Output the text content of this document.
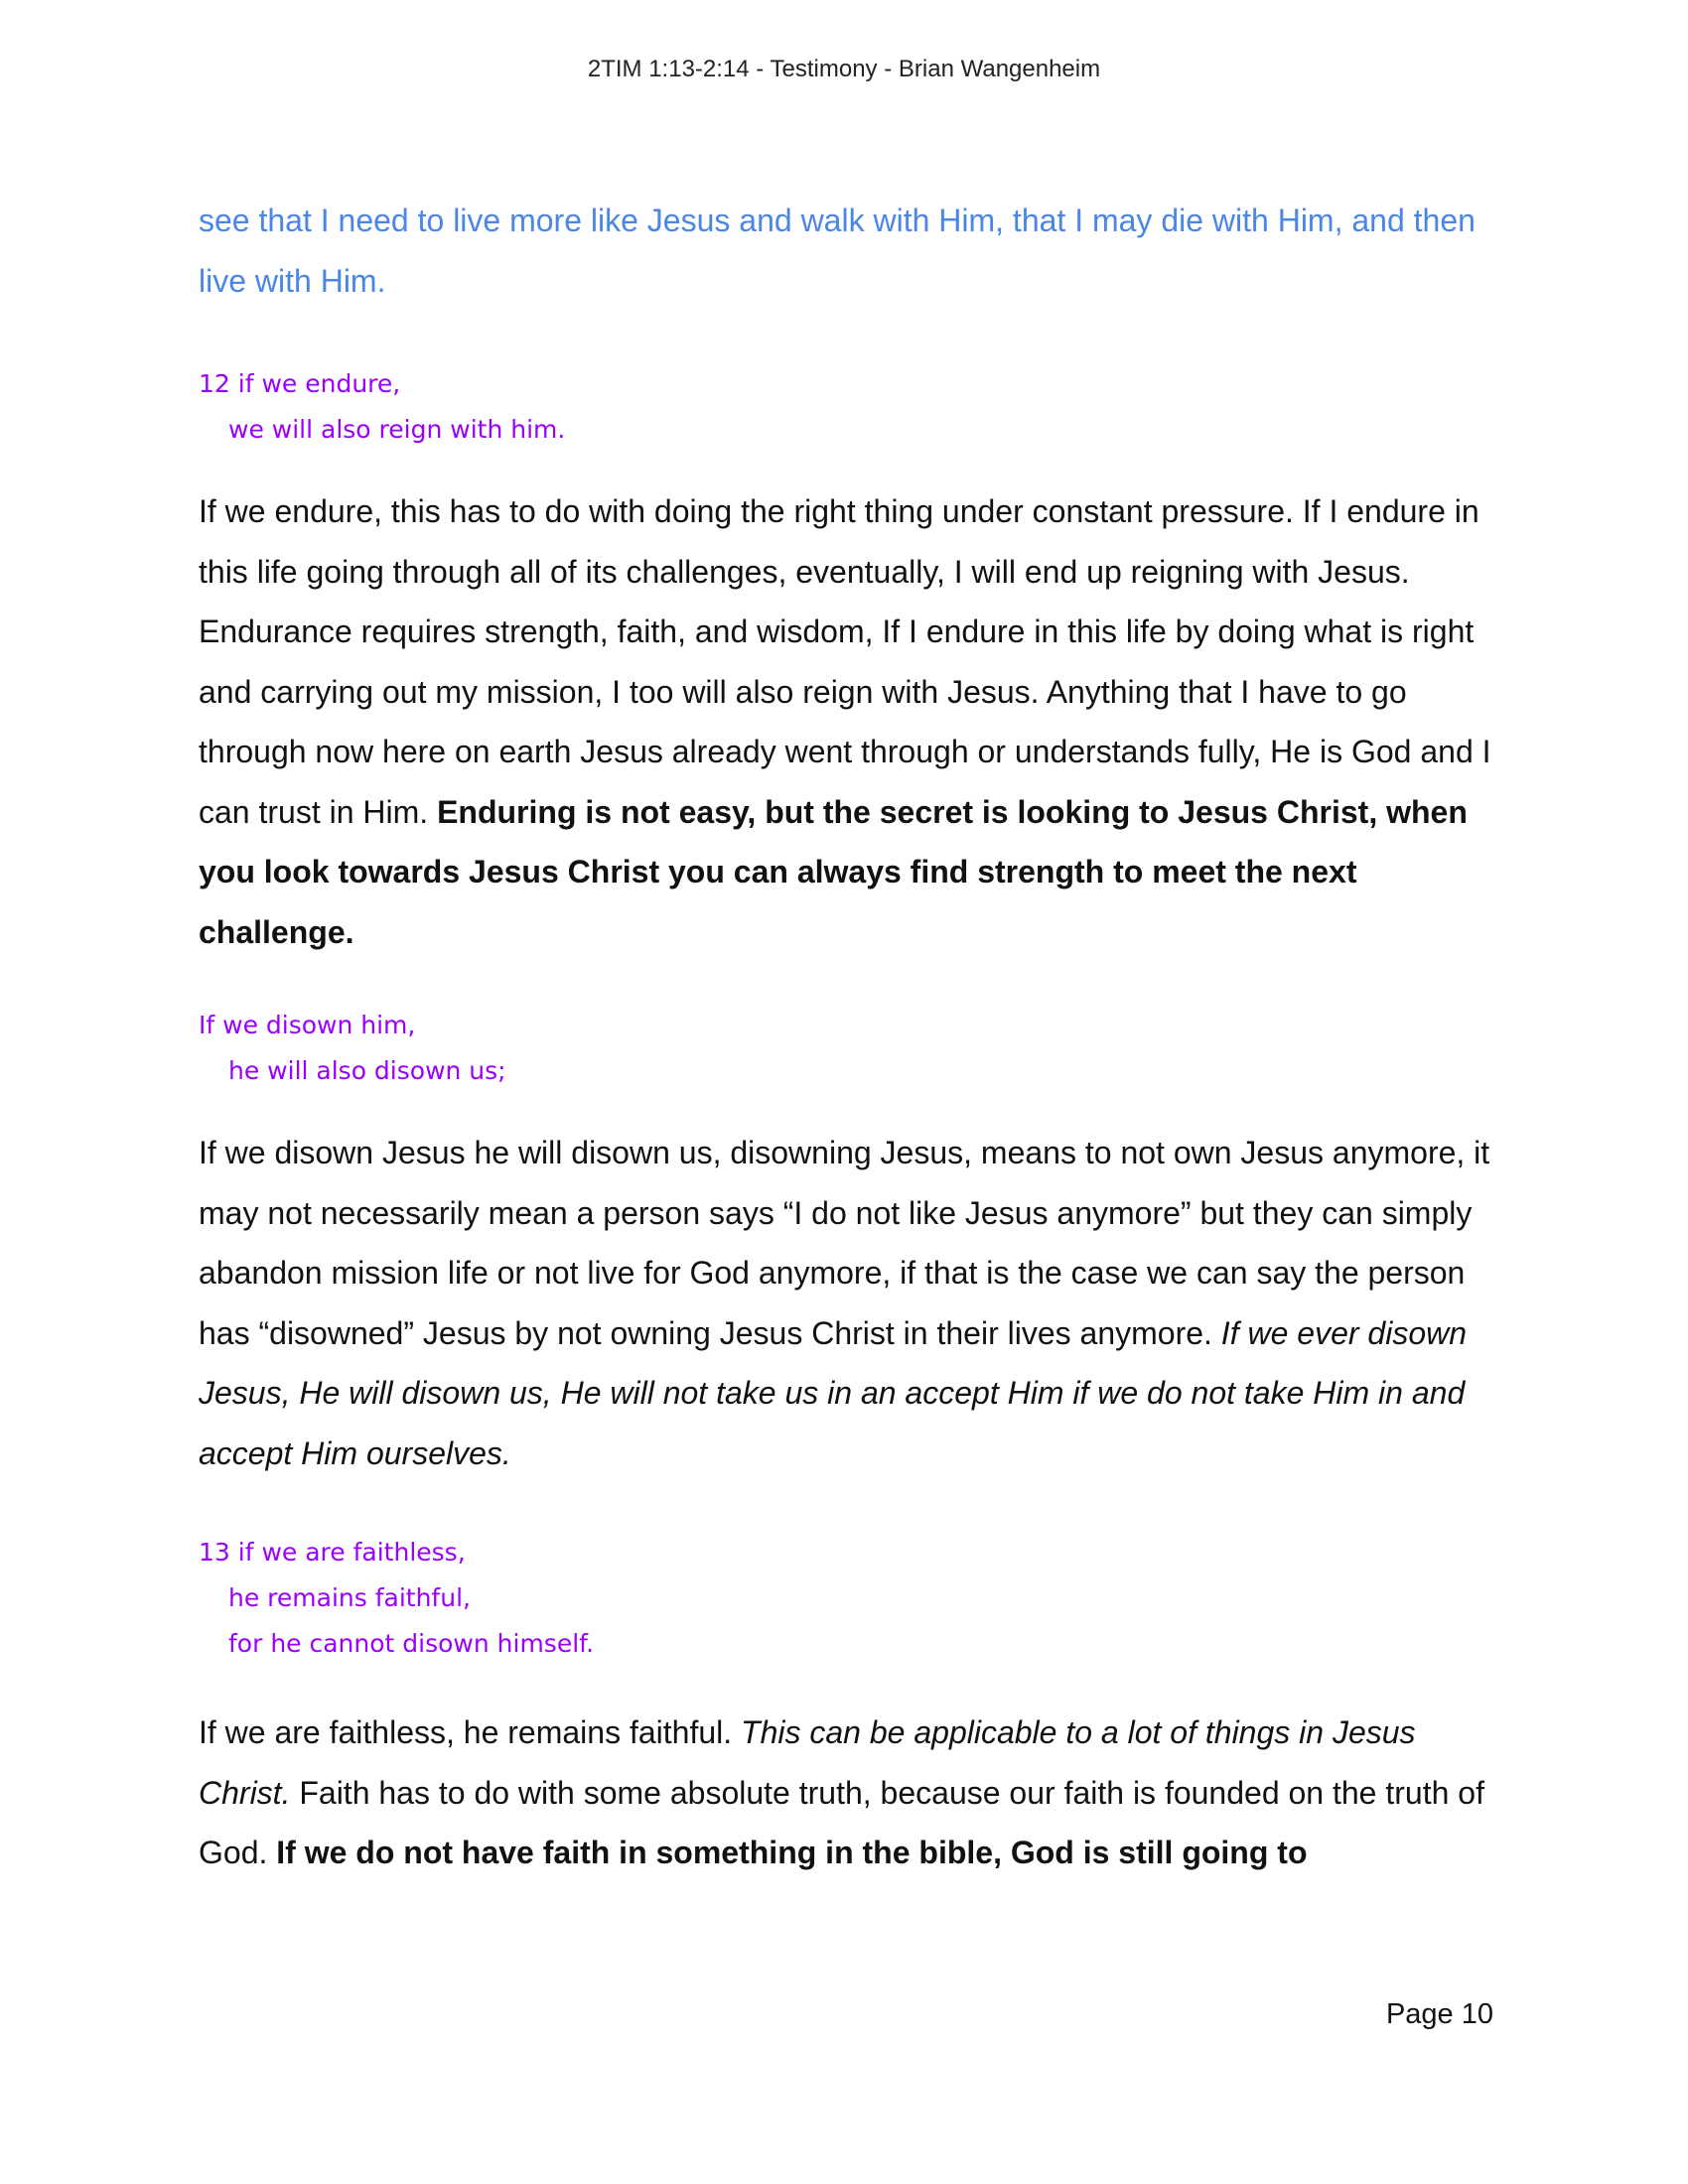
2TIM 1:13-2:14 - Testimony - Brian Wangenheim

see that I need to live more like Jesus and walk with Him, that I may die with Him, and then live with Him.

12 if we endure,
we will also reign with him.

If we endure, this has to do with doing the right thing under constant pressure. If I endure in this life going through all of its challenges, eventually, I will end up reigning with Jesus. Endurance requires strength, faith, and wisdom, If I endure in this life by doing what is right and carrying out my mission, I too will also reign with Jesus. Anything that I have to go through now here on earth Jesus already went through or understands fully, He is God and I can trust in Him. Enduring is not easy, but the secret is looking to Jesus Christ, when you look towards Jesus Christ you can always find strength to meet the next challenge.

If we disown him,
he will also disown us;

If we disown Jesus he will disown us, disowning Jesus, means to not own Jesus anymore, it may not necessarily mean a person says “I do not like Jesus anymore” but they can simply abandon mission life or not live for God anymore, if that is the case we can say the person has “disowned” Jesus by not owning Jesus Christ in their lives anymore. If we ever disown Jesus, He will disown us, He will not take us in an accept Him if we do not take Him in and accept Him ourselves.

13 if we are faithless,
he remains faithful,
for he cannot disown himself.

If we are faithless, he remains faithful. This can be applicable to a lot of things in Jesus Christ. Faith has to do with some absolute truth, because our faith is founded on the truth of God. If we do not have faith in something in the bible, God is still going to

Page 10
